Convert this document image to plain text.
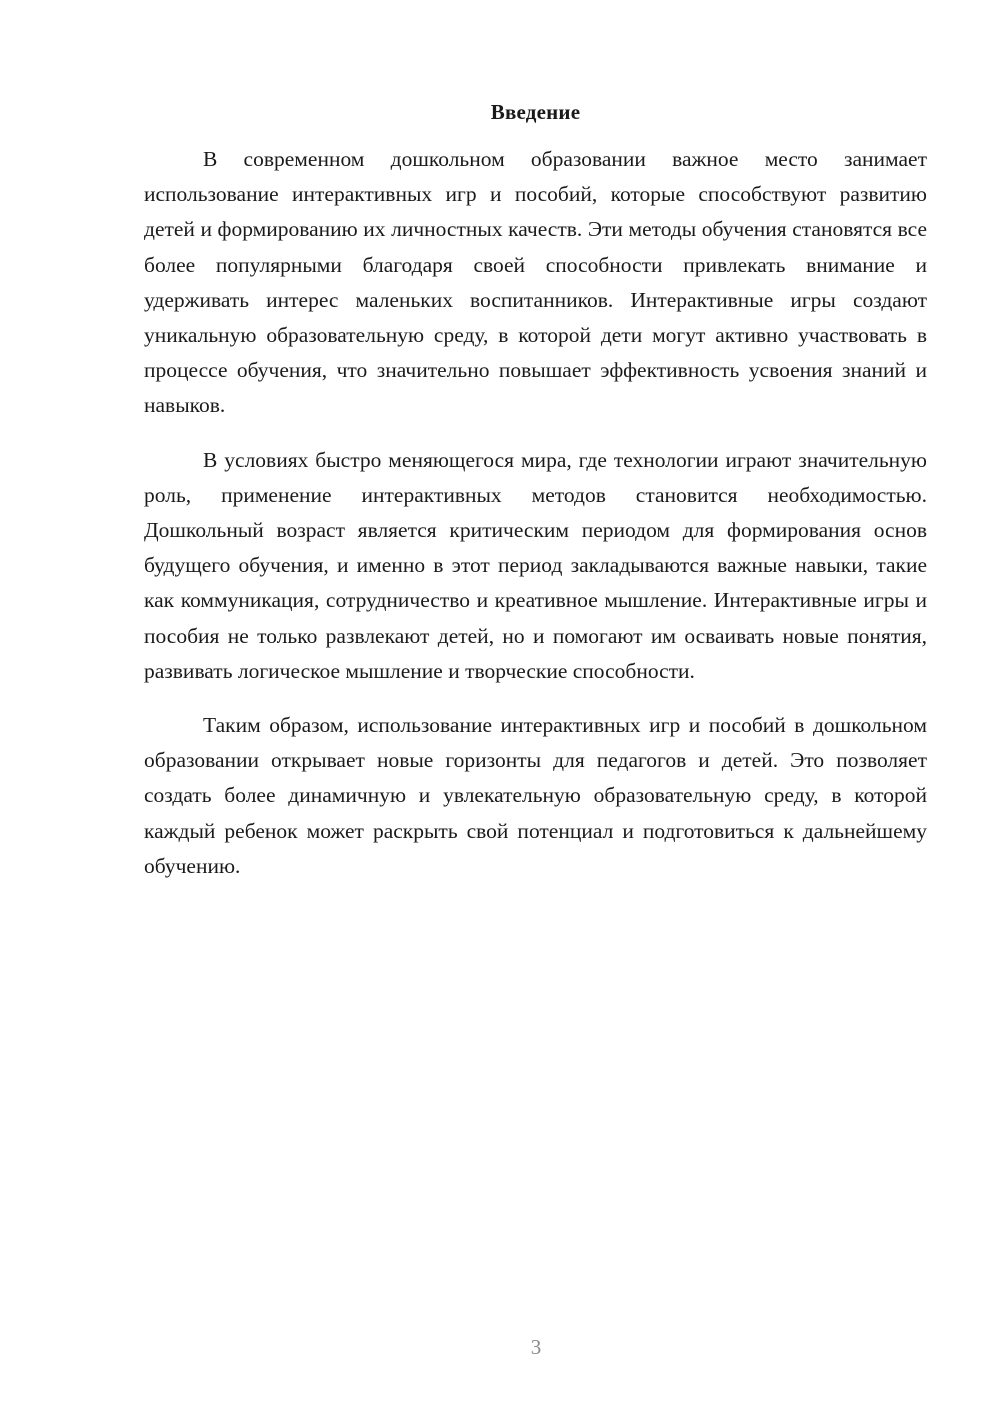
Введение

В современном дошкольном образовании важное место занимает использование интерактивных игр и пособий, которые способствуют развитию детей и формированию их личностных качеств. Эти методы обучения становятся все более популярными благодаря своей способности привлекать внимание и удерживать интерес маленьких воспитанников. Интерактивные игры создают уникальную образовательную среду, в которой дети могут активно участвовать в процессе обучения, что значительно повышает эффективность усвоения знаний и навыков.

В условиях быстро меняющегося мира, где технологии играют значительную роль, применение интерактивных методов становится необходимостью. Дошкольный возраст является критическим периодом для формирования основ будущего обучения, и именно в этот период закладываются важные навыки, такие как коммуникация, сотрудничество и креативное мышление. Интерактивные игры и пособия не только развлекают детей, но и помогают им осваивать новые понятия, развивать логическое мышление и творческие способности.

Таким образом, использование интерактивных игр и пособий в дошкольном образовании открывает новые горизонты для педагогов и детей. Это позволяет создать более динамичную и увлекательную образовательную среду, в которой каждый ребенок может раскрыть свой потенциал и подготовиться к дальнейшему обучению.

3
